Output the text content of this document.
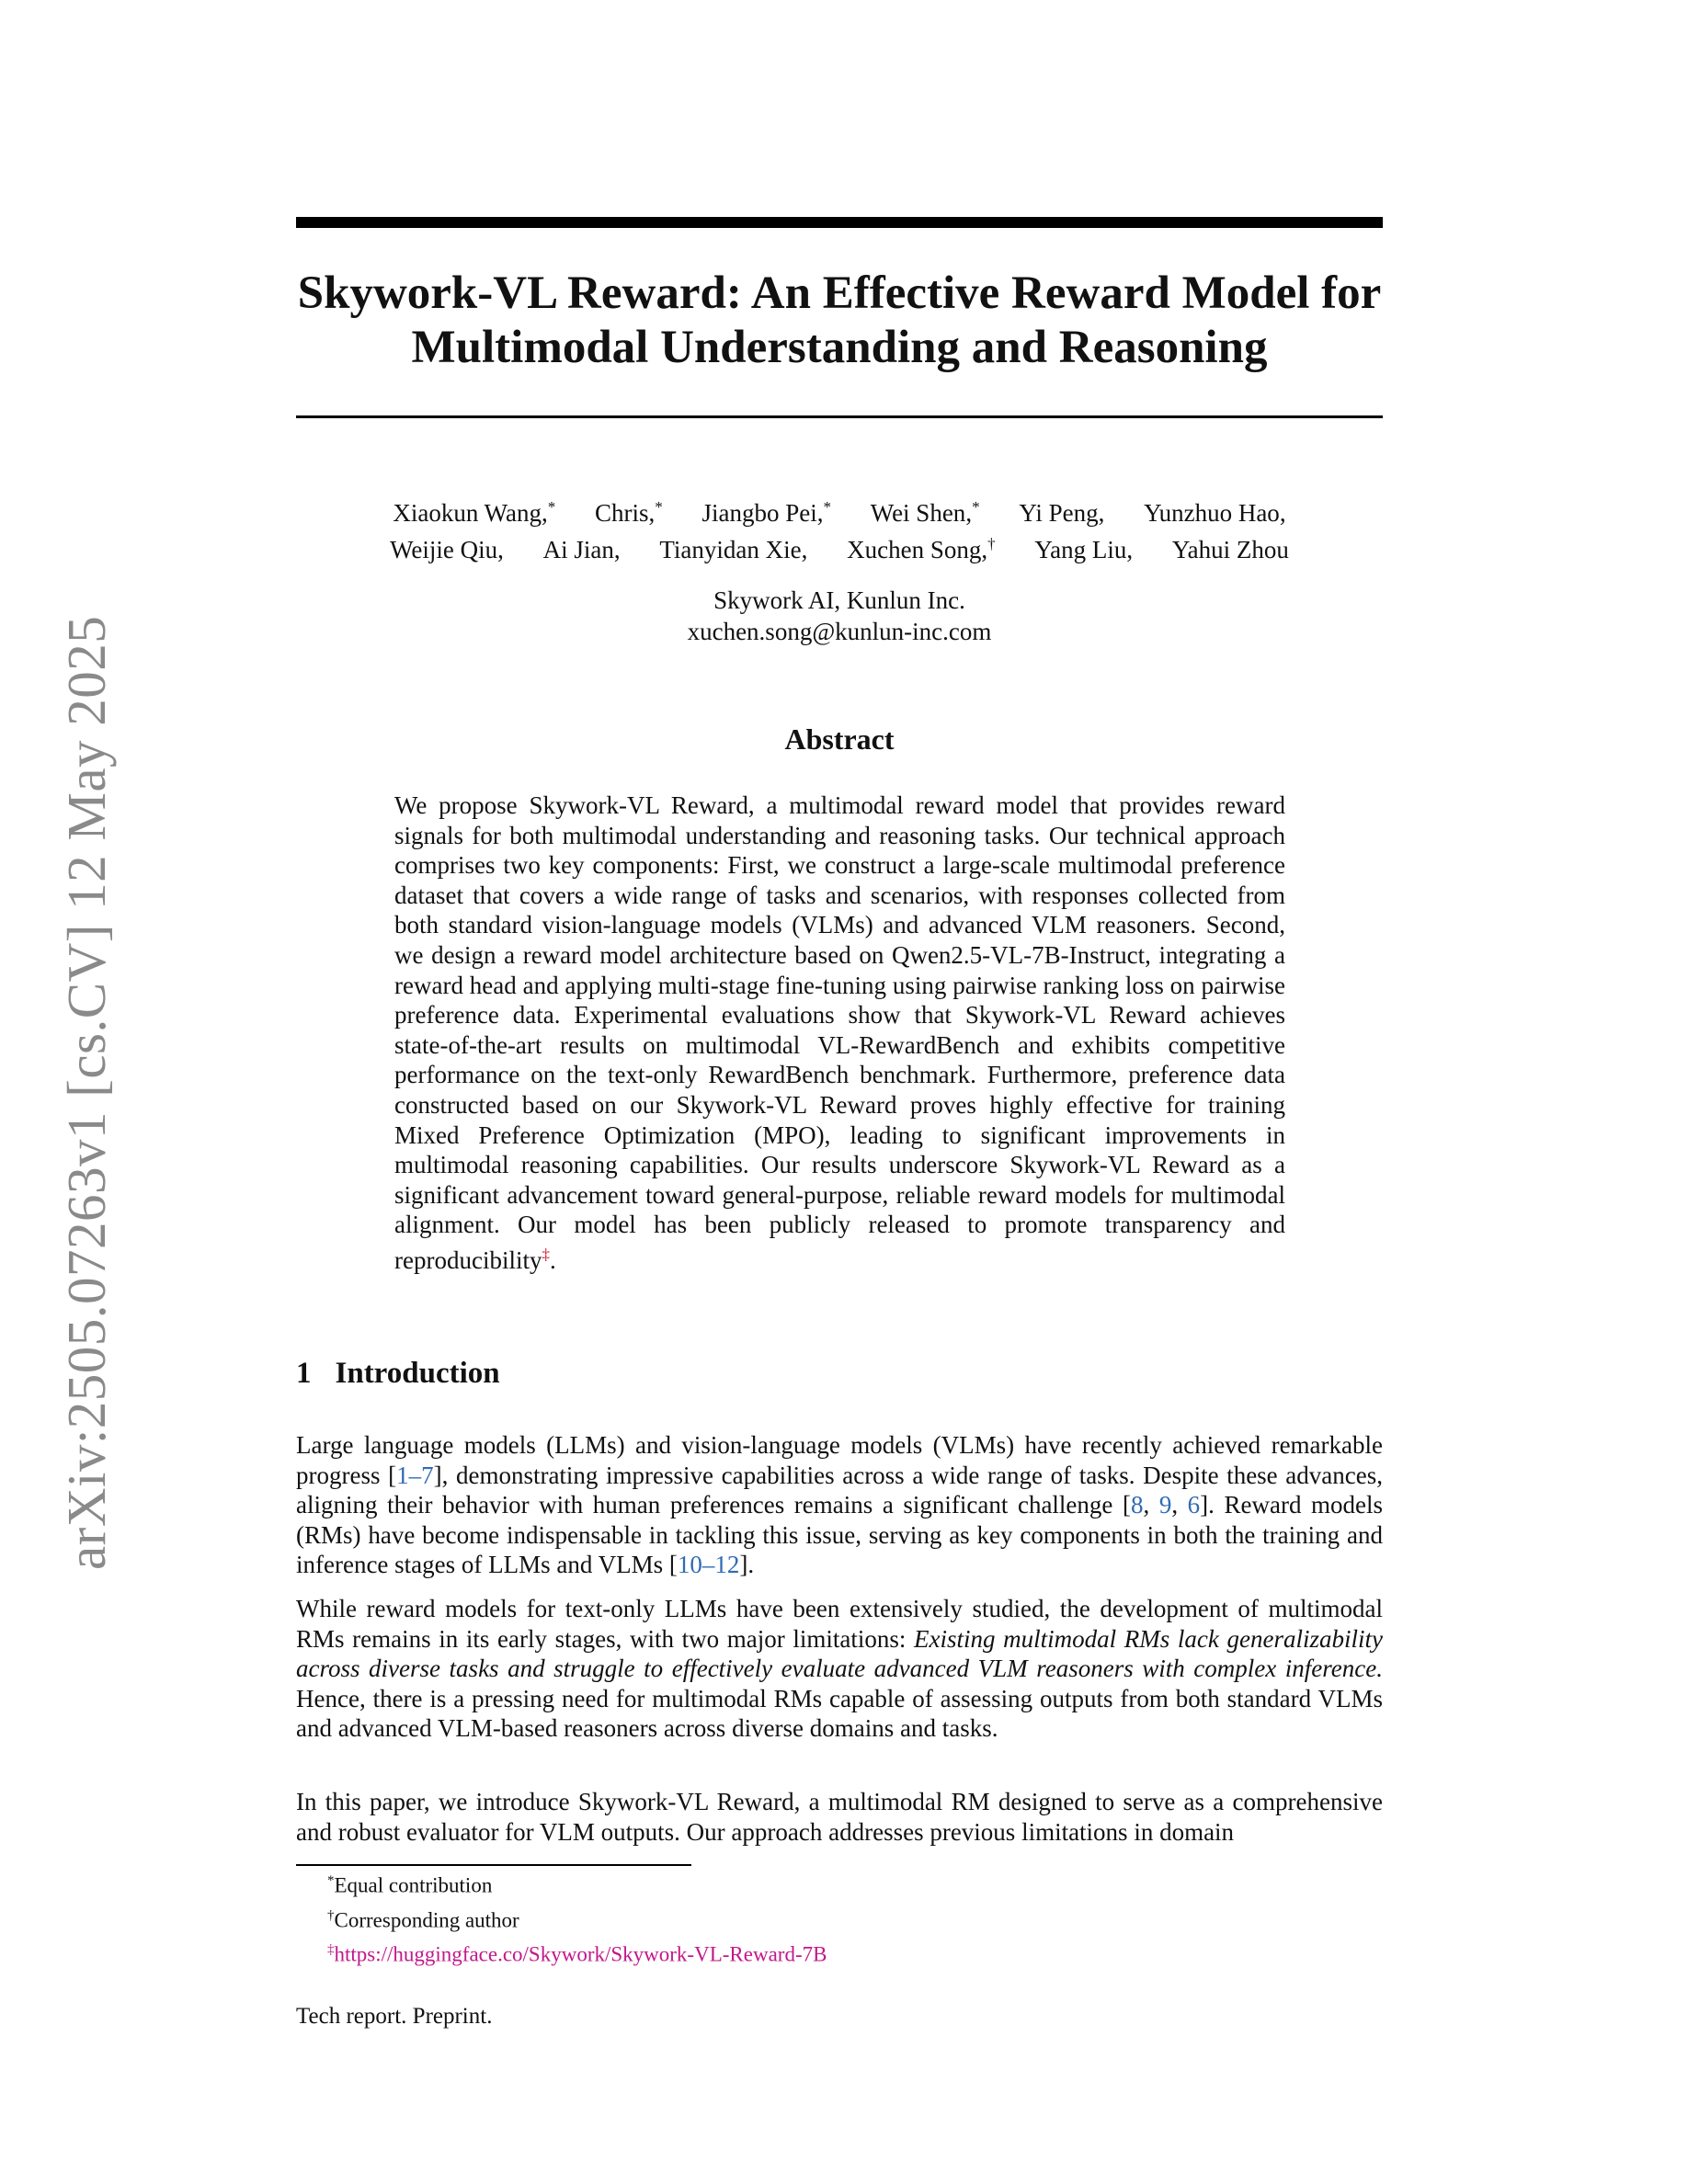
arXiv:2505.07263v1 [cs.CV] 12 May 2025
Skywork-VL Reward: An Effective Reward Model for
Multimodal Understanding and Reasoning
Xiaokun Wang,* Chris,* Jiangbo Pei,* Wei Shen,* Yi Peng, Yunzhuo Hao,
Weijie Qiu, Ai Jian, Tianyidan Xie, Xuchen Song,† Yang Liu, Yahui Zhou
Skywork AI, Kunlun Inc.
xuchen.song@kunlun-inc.com
Abstract

We propose Skywork-VL Reward, a multimodal reward model that provides reward signals for both multimodal understanding and reasoning tasks. Our technical approach comprises two key components: First, we construct a large-scale multimodal preference dataset that covers a wide range of tasks and scenarios, with responses collected from both standard vision-language models (VLMs) and advanced VLM reasoners. Second, we design a reward model architecture based on Qwen2.5-VL-7B-Instruct, integrating a reward head and applying multi-stage fine-tuning using pairwise ranking loss on pairwise preference data. Experimental evaluations show that Skywork-VL Reward achieves state-of-the-art results on multimodal VL-RewardBench and exhibits competitive performance on the text-only RewardBench benchmark. Furthermore, preference data constructed based on our Skywork-VL Reward proves highly effective for training Mixed Preference Optimization (MPO), leading to significant improvements in multimodal reasoning capabilities. Our results underscore Skywork-VL Reward as a significant advancement toward general-purpose, reliable reward models for multimodal alignment. Our model has been publicly released to promote transparency and reproducibility‡.

1 Introduction

Large language models (LLMs) and vision-language models (VLMs) have recently achieved remarkable progress [1–7], demonstrating impressive capabilities across a wide range of tasks. Despite these advances, aligning their behavior with human preferences remains a significant challenge [8, 9, 6]. Reward models (RMs) have become indispensable in tackling this issue, serving as key components in both the training and inference stages of LLMs and VLMs [10–12].

While reward models for text-only LLMs have been extensively studied, the development of multimodal RMs remains in its early stages, with two major limitations: Existing multimodal RMs lack generalizability across diverse tasks and struggle to effectively evaluate advanced VLM reasoners with complex inference. Hence, there is a pressing need for multimodal RMs capable of assessing outputs from both standard VLMs and advanced VLM-based reasoners across diverse domains and tasks.

In this paper, we introduce Skywork-VL Reward, a multimodal RM designed to serve as a comprehensive and robust evaluator for VLM outputs. Our approach addresses previous limitations in domain

*Equal contribution
†Corresponding author
‡https://huggingface.co/Skywork/Skywork-VL-Reward-7B
Tech report. Preprint.
